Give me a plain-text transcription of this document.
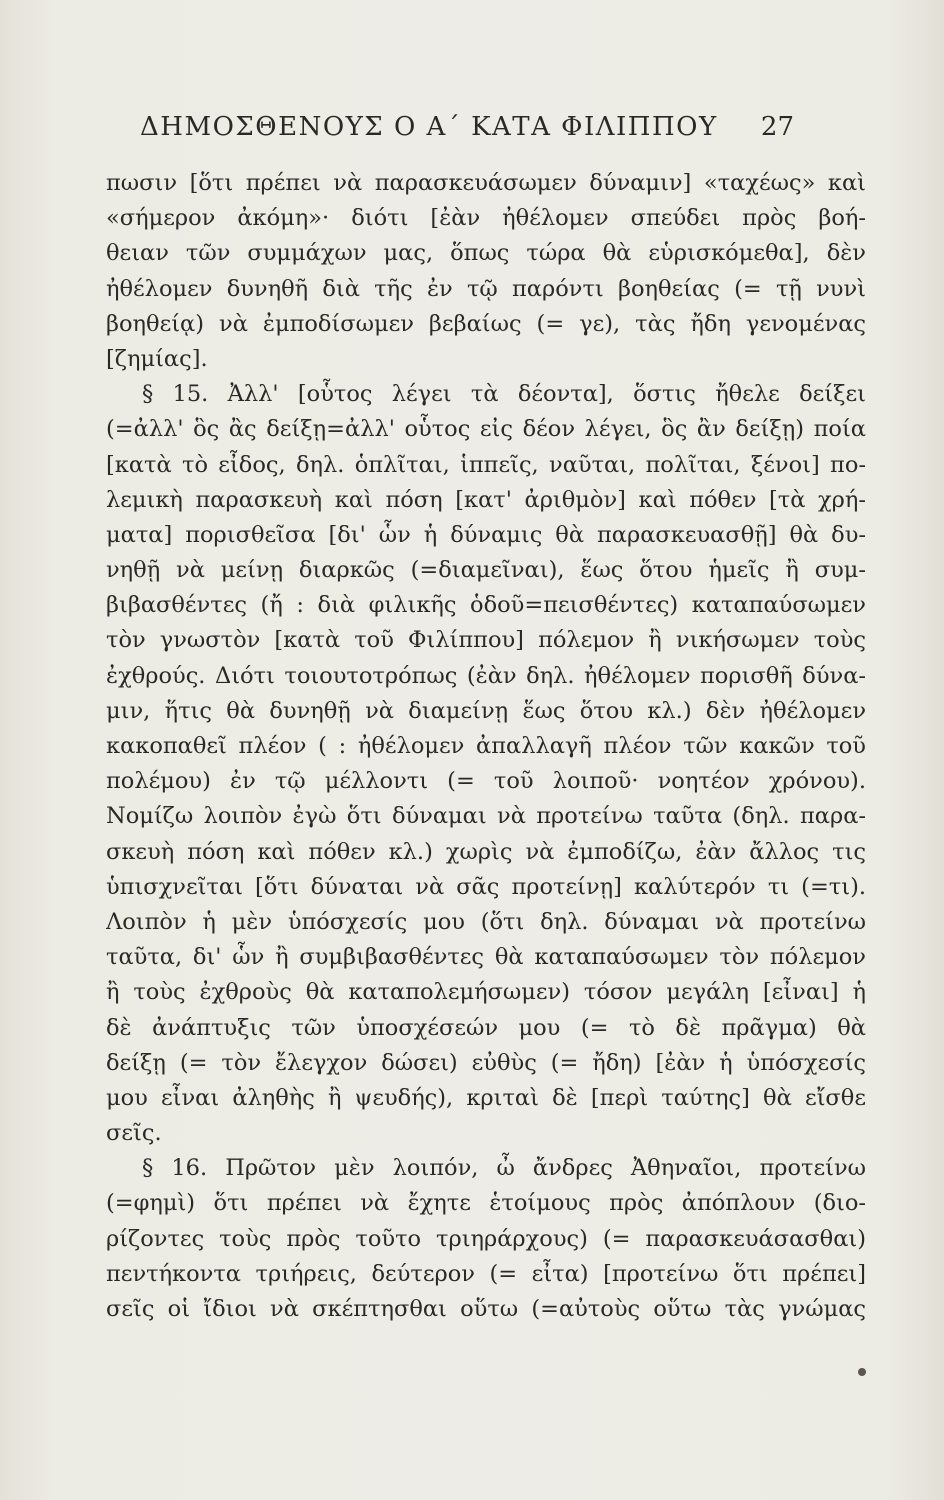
ΔΗΜΟΣΘΕΝΟΥΣ Ο Α΄ ΚΑΤΑ ΦΙΛΙΠΠΟΥ 27
πωσιν [ὅτι πρέπει νὰ παρασκευάσωμεν δύναμιν] «ταχέως» καὶ
«σήμερον ἀκόμη»· διότι [ἐὰν ἠθέλομεν σπεύδει πρὸς βοή-
θειαν τῶν συμμάχων μας, ὅπως τώρα θὰ εὑρισκόμεθα], δὲν
ἠθέλομεν δυνηθῆ διὰ τῆς ἐν τῷ παρόντι βοηθείας (= τῇ νυνὶ
βοηθείᾳ) νὰ ἐμποδίσωμεν βεβαίως (= γε), τὰς ἤδη γενομένας
[ζημίας].
§ 15. Ἀλλ' [οὗτος λέγει τὰ δέοντα], ὅστις ἤθελε δείξει
(=ἀλλ' ὃς ἂς δείξῃ=ἀλλ' οὗτος εἰς δέον λέγει, ὃς ἂν δείξῃ) ποία
[κατὰ τὸ εἶδος, δηλ. ὁπλῖται, ἱππεῖς, ναῦται, πολῖται, ξένοι] πο-
λεμικὴ παρασκευὴ καὶ πόση [κατ' ἀριθμὸν] καὶ πόθεν [τὰ χρή-
ματα] πορισθεῖσα [δι' ὧν ἡ δύναμις θὰ παρασκευασθῇ] θὰ δυ-
νηθῇ νὰ μείνῃ διαρκῶς (=διαμεῖναι), ἕως ὅτου ἡμεῖς ἢ συμ-
βιβασθέντες (ἤ : διὰ φιλικῆς ὁδοῦ=πεισθέντες) καταπαύσωμεν
τὸν γνωστὸν [κατὰ τοῦ Φιλίππου] πόλεμον ἢ νικήσωμεν τοὺς
ἐχθρούς. Διότι τοιουτοτρόπως (ἐὰν δηλ. ἠθέλομεν πορισθῆ δύνα-
μιν, ἥτις θὰ δυνηθῇ νὰ διαμείνῃ ἕως ὅτου κλ.) δὲν ἠθέλομεν
κακοπαθεῖ πλέον ( : ἠθέλομεν ἀπαλλαγῆ πλέον τῶν κακῶν τοῦ
πολέμου) ἐν τῷ μέλλοντι (= τοῦ λοιποῦ· νοητέον χρόνου).
Νομίζω λοιπὸν ἐγὼ ὅτι δύναμαι νὰ προτείνω ταῦτα (δηλ. παρα-
σκευὴ πόση καὶ πόθεν κλ.) χωρὶς νὰ ἐμποδίζω, ἐὰν ἄλλος τις
ὑπισχνεῖται [ὅτι δύναται νὰ σᾶς προτείνῃ] καλύτερόν τι (=τι).
Λοιπὸν ἡ μὲν ὑπόσχεσίς μου (ὅτι δηλ. δύναμαι νὰ προτείνω
ταῦτα, δι' ὧν ἢ συμβιβασθέντες θὰ καταπαύσωμεν τὸν πόλεμον
ἢ τοὺς ἐχθροὺς θὰ καταπολεμήσωμεν) τόσον μεγάλη [εἶναι] ἡ
δὲ ἀνάπτυξις τῶν ὑποσχέσεών μου (= τὸ δὲ πρᾶγμα) θὰ
δείξῃ (= τὸν ἔλεγχον δώσει) εὐθὺς (= ἤδη) [ἐὰν ἡ ὑπόσχεσίς
μου εἶναι ἀληθὴς ἢ ψευδής), κριταὶ δὲ [περὶ ταύτης] θὰ εἴσθε
σεῖς.
§ 16. Πρῶτον μὲν λοιπόν, ὦ ἄνδρες Ἀθηναῖοι, προτείνω
(=φημὶ) ὅτι πρέπει νὰ ἔχητε ἑτοίμους πρὸς ἀπόπλουν (διο-
ρίζοντες τοὺς πρὸς τοῦτο τριηράρχους) (= παρασκευάσασθαι)
πεντήκοντα τριήρεις, δεύτερον (= εἶτα) [προτείνω ὅτι πρέπει]
σεῖς οἱ ἴδιοι νὰ σκέπτησθαι οὕτω (=αὐτοὺς οὕτω τὰς γνώμας
